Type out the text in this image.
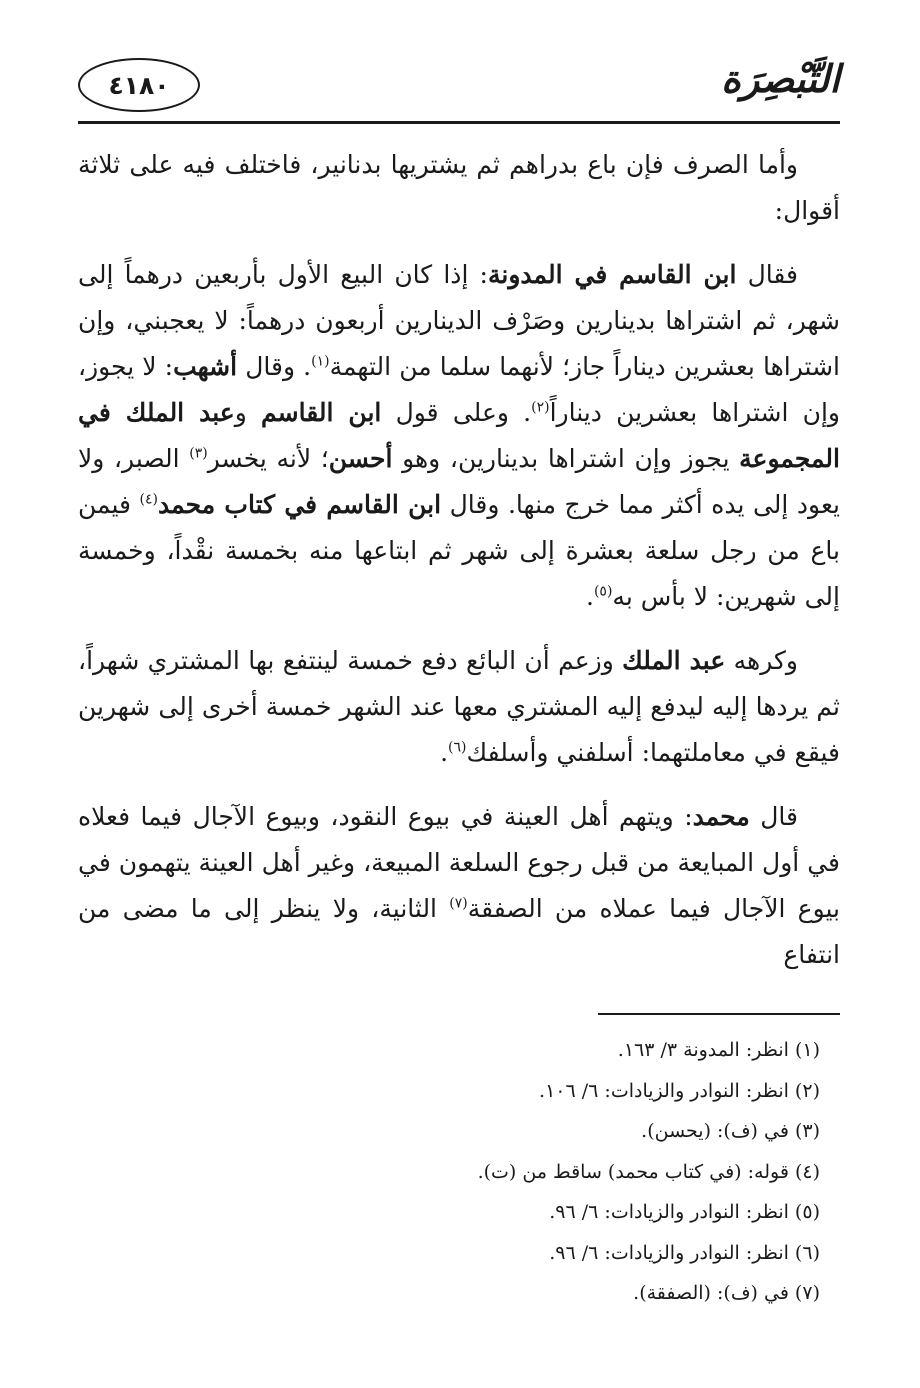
٤١٨٠	التَّبْصِرَة

وأما الصرف فإن باع بدراهم ثم يشتريها بدنانير، فاختلف فيه على ثلاثة أقوال:

فقال ابن القاسم في المدونة: إذا كان البيع الأول بأربعين درهماً إلى شهر، ثم اشتراها بدينارين وصَرْف الدينارين أربعون درهماً: لا يعجبني، وإن اشتراها بعشرين ديناراً جاز؛ لأنهما سلما من التهمة$^{(١)}$. وقال أشهب: لا يجوز، وإن اشتراها بعشرين ديناراً$^{(٢)}$. وعلى قول ابن القاسم وعبد الملك في المجموعة يجوز وإن اشتراها بدينارين، وهو أحسن؛ لأنه يخسر$^{(٣)}$ الصبر، ولا يعود إلى يده أكثر مما خرج منها. وقال ابن القاسم في كتاب محمد$^{(٤)}$ فيمن باع من رجل سلعة بعشرة إلى شهر ثم ابتاعها منه بخمسة نقْداً، وخمسة إلى شهرين: لا بأس به$^{(٥)}$.

وكرهه عبد الملك وزعم أن البائع دفع خمسة لينتفع بها المشتري شهراً، ثم يردها إليه ليدفع إليه المشتري معها عند الشهر خمسة أخرى إلى شهرين فيقع في معاملتهما: أسلفني وأسلفك$^{(٦)}$.

قال محمد: ويتهم أهل العينة في بيوع النقود، وبيوع الآجال فيما فعلاه في أول المبايعة من قبل رجوع السلعة المبيعة، وغير أهل العينة يتهمون في بيوع الآجال فيما عملاه من الصفقة$^{(٧)}$ الثانية، ولا ينظر إلى ما مضى من انتفاع

(١) انظر: المدونة ٣/ ١٦٣.

(٢) انظر: النوادر والزيادات: ٦/ ١٠٦.

(٣) في (ف): (يحسن).

(٤) قوله: (في كتاب محمد) ساقط من (ت).

(٥) انظر: النوادر والزيادات: ٦/ ٩٦.

(٦) انظر: النوادر والزيادات: ٦/ ٩٦.

(٧) في (ف): (الصفقة).
